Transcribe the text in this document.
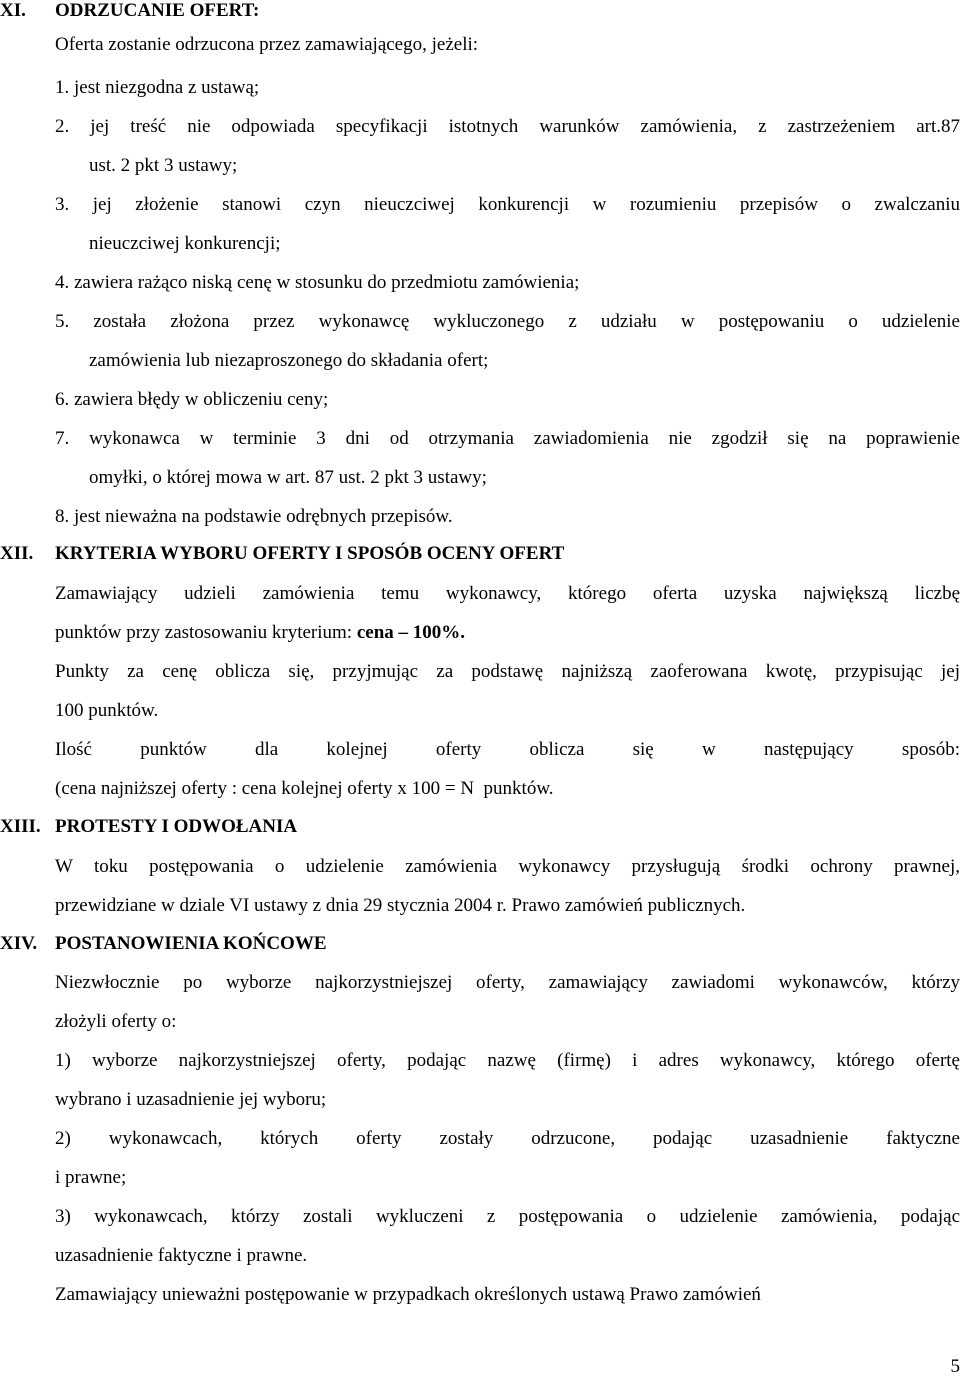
XI.	ODRZUCANIE OFERT:
Oferta zostanie odrzucona przez zamawiającego, jeżeli:
1. jest niezgodna z ustawą;
2. jej treść nie odpowiada specyfikacji istotnych warunków zamówienia, z zastrzeżeniem art.87
ust. 2 pkt 3 ustawy;
3. jej złożenie stanowi czyn nieuczciwej konkurencji w rozumieniu przepisów o zwalczaniu
nieuczciwej konkurencji;
4. zawiera rażąco niską cenę w stosunku do przedmiotu zamówienia;
5. została złożona przez wykonawcę wykluczonego z udziału w postępowaniu o udzielenie
zamówienia lub niezaproszonego do składania ofert;
6. zawiera błędy w obliczeniu ceny;
7. wykonawca w terminie 3 dni od otrzymania zawiadomienia nie zgodził się na poprawienie
omyłki, o której mowa w art. 87 ust. 2 pkt 3 ustawy;
8. jest nieważna na podstawie odrębnych przepisów.
XII.	KRYTERIA WYBORU OFERTY I SPOSÓB OCENY OFERT
Zamawiający udzieli zamówienia temu wykonawcy, którego oferta uzyska największą liczbę
punktów przy zastosowaniu kryterium: cena – 100%.
Punkty za cenę oblicza się, przyjmując za podstawę najniższą zaoferowana kwotę, przypisując jej
100 punktów.
Ilość punktów dla kolejnej oferty oblicza się w następujący sposób:
(cena najniższej oferty : cena kolejnej oferty x 100 = N  punktów.
XIII. PROTESTY I ODWOŁANIA
W toku postępowania o udzielenie zamówienia wykonawcy przysługują środki ochrony prawnej,
przewidziane w dziale VI ustawy z dnia 29 stycznia 2004 r. Prawo zamówień publicznych.
XIV. POSTANOWIENIA KOŃCOWE
Niezwłocznie po wyborze najkorzystniejszej oferty, zamawiający zawiadomi wykonawców, którzy
złożyli oferty o:
1) wyborze najkorzystniejszej oferty, podając nazwę (firmę) i adres wykonawcy, którego ofertę
wybrano i uzasadnienie jej wyboru;
2) wykonawcach, których oferty zostały odrzucone, podając uzasadnienie faktyczne
i prawne;
3) wykonawcach, którzy zostali wykluczeni z postępowania o udzielenie zamówienia, podając
uzasadnienie faktyczne i prawne.
Zamawiający unieważni postępowanie w przypadkach określonych ustawą Prawo zamówień
5
